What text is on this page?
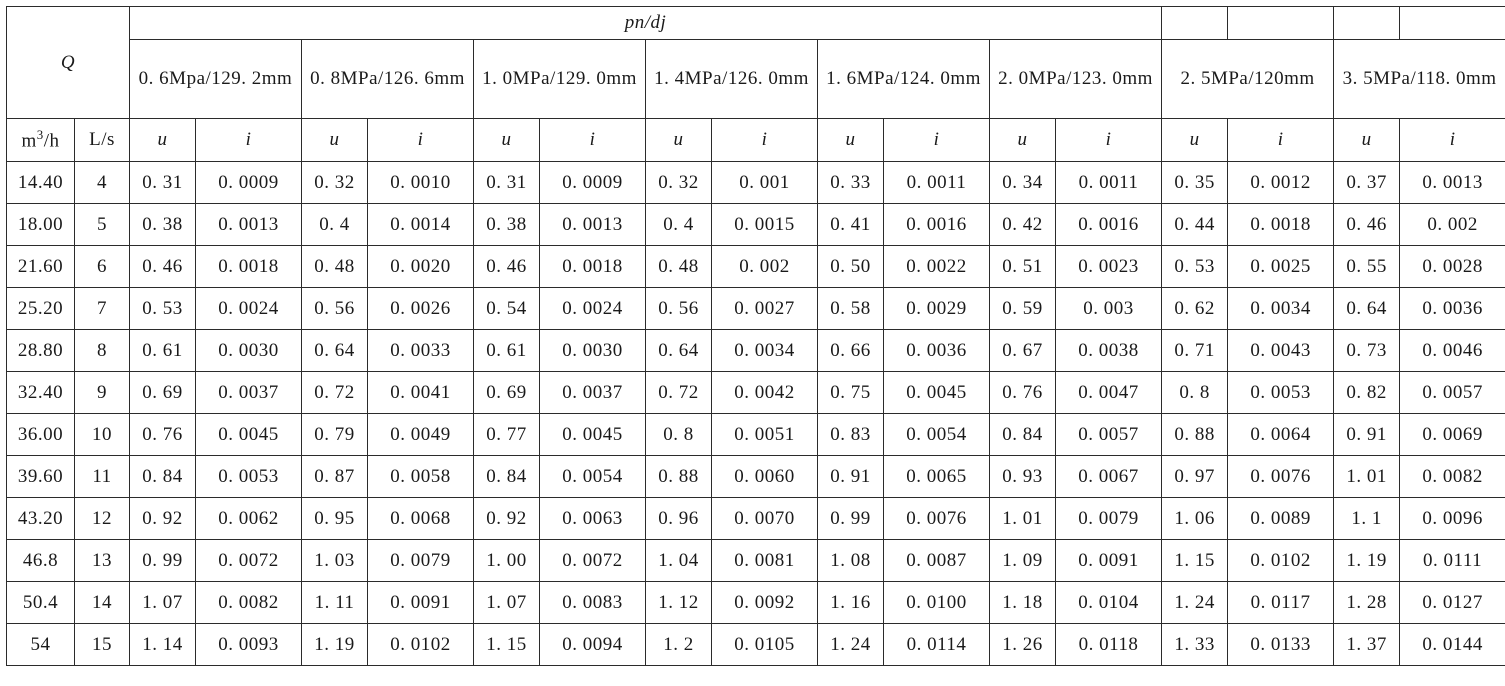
Q		pn/dj															
		0. 6Mpa/129. 2mm		0. 8MPa/126. 6mm		1. 0MPa/129. 0mm		1. 4MPa/126. 0mm		1. 6MPa/124. 0mm		2. 0MPa/123. 0mm		2. 5MPa/120mm		3. 5MPa/118. 0mm	
$m^3/h$	L/s	u	i	u	i	u	i	u	i	u	i	u	i	u	i	u	i
14.40	4	0. 31	0. 0009	0. 32	0. 0010	0. 31	0. 0009	0. 32	0. 001	0. 33	0. 0011	0. 34	0. 0011	0. 35	0. 0012	0. 37	0. 0013
18.00	5	0. 38	0. 0013	0. 4	0. 0014	0. 38	0. 0013	0. 4	0. 0015	0. 41	0. 0016	0. 42	0. 0016	0. 44	0. 0018	0. 46	0. 002
21.60	6	0. 46	0. 0018	0. 48	0. 0020	0. 46	0. 0018	0. 48	0. 002	0. 50	0. 0022	0. 51	0. 0023	0. 53	0. 0025	0. 55	0. 0028
25.20	7	0. 53	0. 0024	0. 56	0. 0026	0. 54	0. 0024	0. 56	0. 0027	0. 58	0. 0029	0. 59	0. 003	0. 62	0. 0034	0. 64	0. 0036
28.80	8	0. 61	0. 0030	0. 64	0. 0033	0. 61	0. 0030	0. 64	0. 0034	0. 66	0. 0036	0. 67	0. 0038	0. 71	0. 0043	0. 73	0. 0046
32.40	9	0. 69	0. 0037	0. 72	0. 0041	0. 69	0. 0037	0. 72	0. 0042	0. 75	0. 0045	0. 76	0. 0047	0. 8	0. 0053	0. 82	0. 0057
36.00	10	0. 76	0. 0045	0. 79	0. 0049	0. 77	0. 0045	0. 8	0. 0051	0. 83	0. 0054	0. 84	0. 0057	0. 88	0. 0064	0. 91	0. 0069
39.60	11	0. 84	0. 0053	0. 87	0. 0058	0. 84	0. 0054	0. 88	0. 0060	0. 91	0. 0065	0. 93	0. 0067	0. 97	0. 0076	1. 01	0. 0082
43.20	12	0. 92	0. 0062	0. 95	0. 0068	0. 92	0. 0063	0. 96	0. 0070	0. 99	0. 0076	1. 01	0. 0079	1. 06	0. 0089	1. 1	0. 0096
46.8	13	0. 99	0. 0072	1. 03	0. 0079	1. 00	0. 0072	1. 04	0. 0081	1. 08	0. 0087	1. 09	0. 0091	1. 15	0. 0102	1. 19	0. 0111
50.4	14	1. 07	0. 0082	1. 11	0. 0091	1. 07	0. 0083	1. 12	0. 0092	1. 16	0. 0100	1. 18	0. 0104	1. 24	0. 0117	1. 28	0. 0127
54	15	1. 14	0. 0093	1. 19	0. 0102	1. 15	0. 0094	1. 2	0. 0105	1. 24	0. 0114	1. 26	0. 0118	1. 33	0. 0133	1. 37	0. 0144
